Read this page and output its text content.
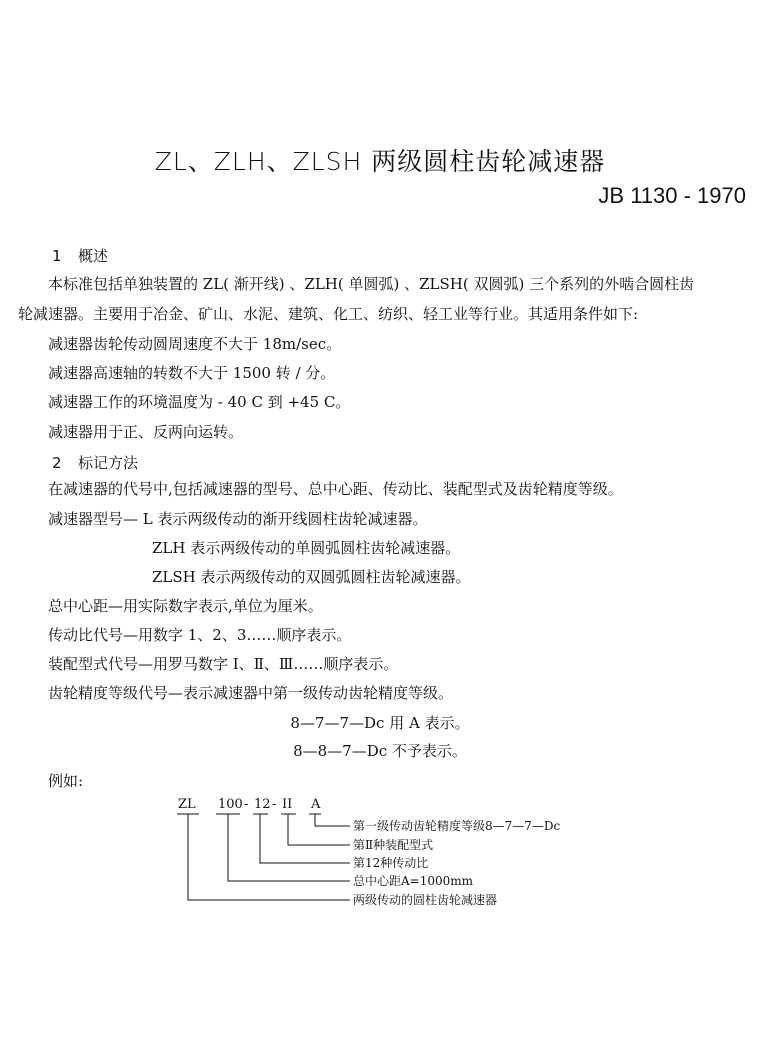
ZL、ZLH、ZLSH 两级圆柱齿轮减速器
JB 1130 - 1970
1 概述
本标准包括单独装置的 ZL( 渐开线) 、ZLH( 单圆弧) 、ZLSH( 双圆弧) 三个系列的外啮合圆柱齿
轮减速器。主要用于冶金、矿山、水泥、建筑、化工、纺织、轻工业等行业。其适用条件如下:
减速器齿轮传动圆周速度不大于 18m/sec。
减速器高速轴的转数不大于 1500 转 / 分。
减速器工作的环境温度为 - 40 C 到 +45 C。
减速器用于正、反两向运转。
2 标记方法
在减速器的代号中,包括减速器的型号、总中心距、传动比、装配型式及齿轮精度等级。
减速器型号— L 表示两级传动的渐开线圆柱齿轮减速器。
ZLH 表示两级传动的单圆弧圆柱齿轮减速器。
ZLSH 表示两级传动的双圆弧圆柱齿轮减速器。
总中心距—用实际数字表示,单位为厘米。
传动比代号—用数字 1、2、3……顺序表示。
装配型式代号—用罗马数字 Ⅰ、Ⅱ、Ⅲ……顺序表示。
齿轮精度等级代号—表示减速器中第一级传动齿轮精度等级。
8—7—7—Dc 用 A 表示。
8—8—7—Dc 不予表示。
例如:
ZL 100 - 12 - II A
第一级传动齿轮精度等级8—7—7—Dc
第Ⅱ种装配型式
第12种传动比
总中心距A=1000mm
两级传动的圆柱齿轮减速器
